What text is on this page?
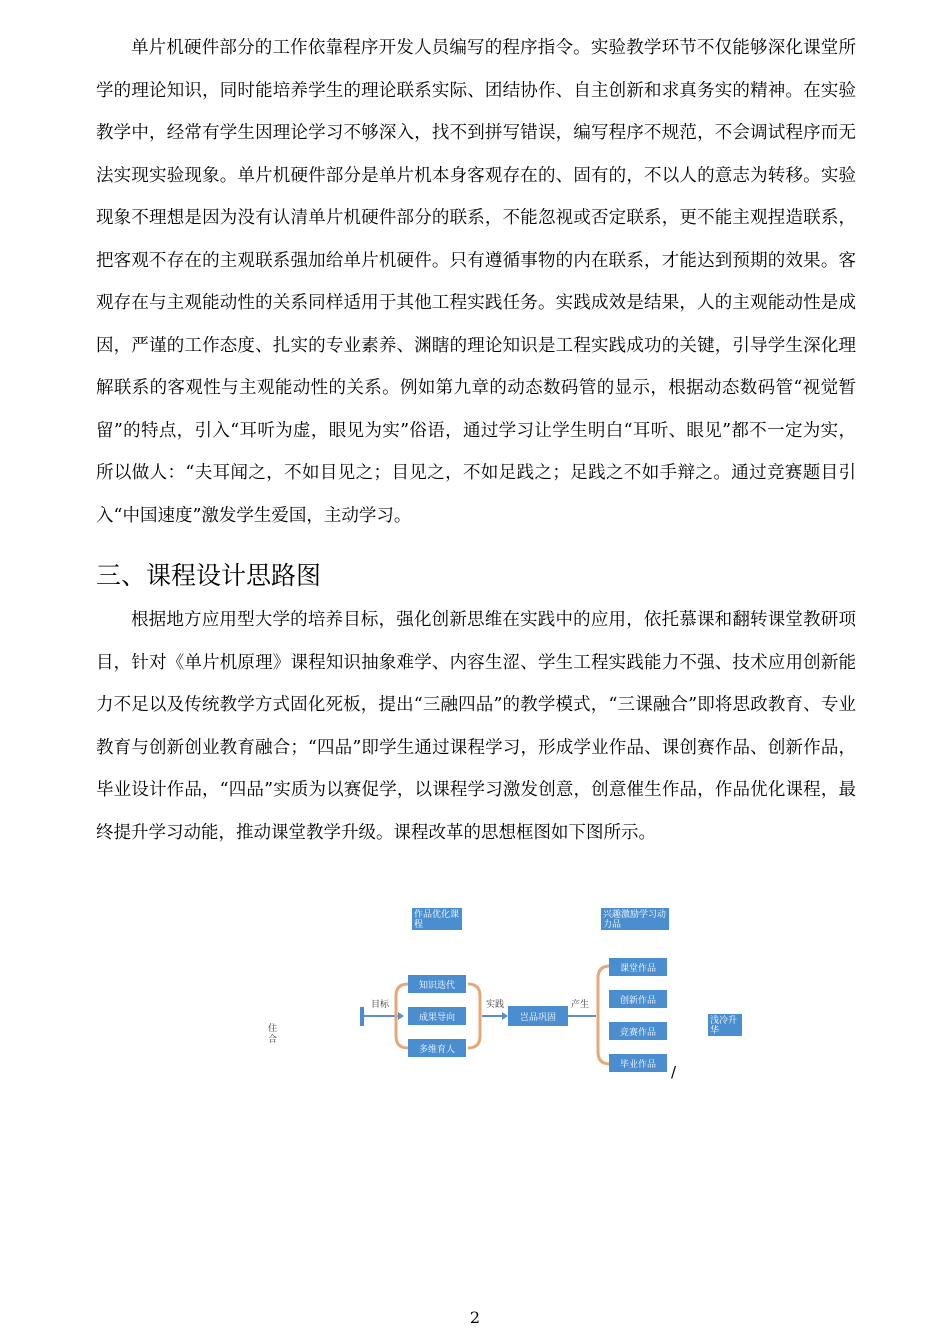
单片机硬件部分的工作依靠程序开发人员编写的程序指令。实验教学环节不仅能够深化课堂所学的理论知识，同时能培养学生的理论联系实际、团结协作、自主创新和求真务实的精神。在实验教学中，经常有学生因理论学习不够深入，找不到拼写错误，编写程序不规范，不会调试程序而无法实现实验现象。单片机硬件部分是单片机本身客观存在的、固有的，不以人的意志为转移。实验现象不理想是因为没有认清单片机硬件部分的联系，不能忽视或否定联系，更不能主观捏造联系，把客观不存在的主观联系强加给单片机硬件。只有遵循事物的内在联系，才能达到预期的效果。客观存在与主观能动性的关系同样适用于其他工程实践任务。实践成效是结果，人的主观能动性是成因，严谨的工作态度、扎实的专业素养、渊瞎的理论知识是工程实践成功的关键，引导学生深化理解联系的客观性与主观能动性的关系。例如第九章的动态数码管的显示，根据动态数码管“视觉暂留”的特点，引入“耳听为虚，眼见为实”俗语，通过学习让学生明白“耳听、眼见”都不一定为实，所以做人：“夫耳闻之，不如目见之；目见之，不如足践之；足践之不如手辩之。通过竞赛题目引入“中国速度”激发学生爱国，主动学习。
三、课程设计思路图
根据地方应用型大学的培养目标，强化创新思维在实践中的应用，依托慕课和翻转课堂教研项目，针对《单片机原理》课程知识抽象难学、内容生涩、学生工程实践能力不强、技术应用创新能力不足以及传统教学方式固化死板，提出“三融四品”的教学模式，“三课融合”即将思政教育、专业教育与创新创业教育融合；“四品”即学生通过课程学习，形成学业作品、课创赛作品、创新作品，毕业设计作品，“四品”实质为以赛促学，以课程学习激发创意，创意催生作品，作品优化课程，最终提升学习动能，推动课堂教学升级。课程改革的思想框图如下图所示。
作品优化课程
兴趣激励学习动力品
住合
目标
知识迭代
成果导向
多维育人
实践
岂品巩固
产生
课堂作品
创新作品
竞赛作品
毕业作品	/
浅冷升华
2
